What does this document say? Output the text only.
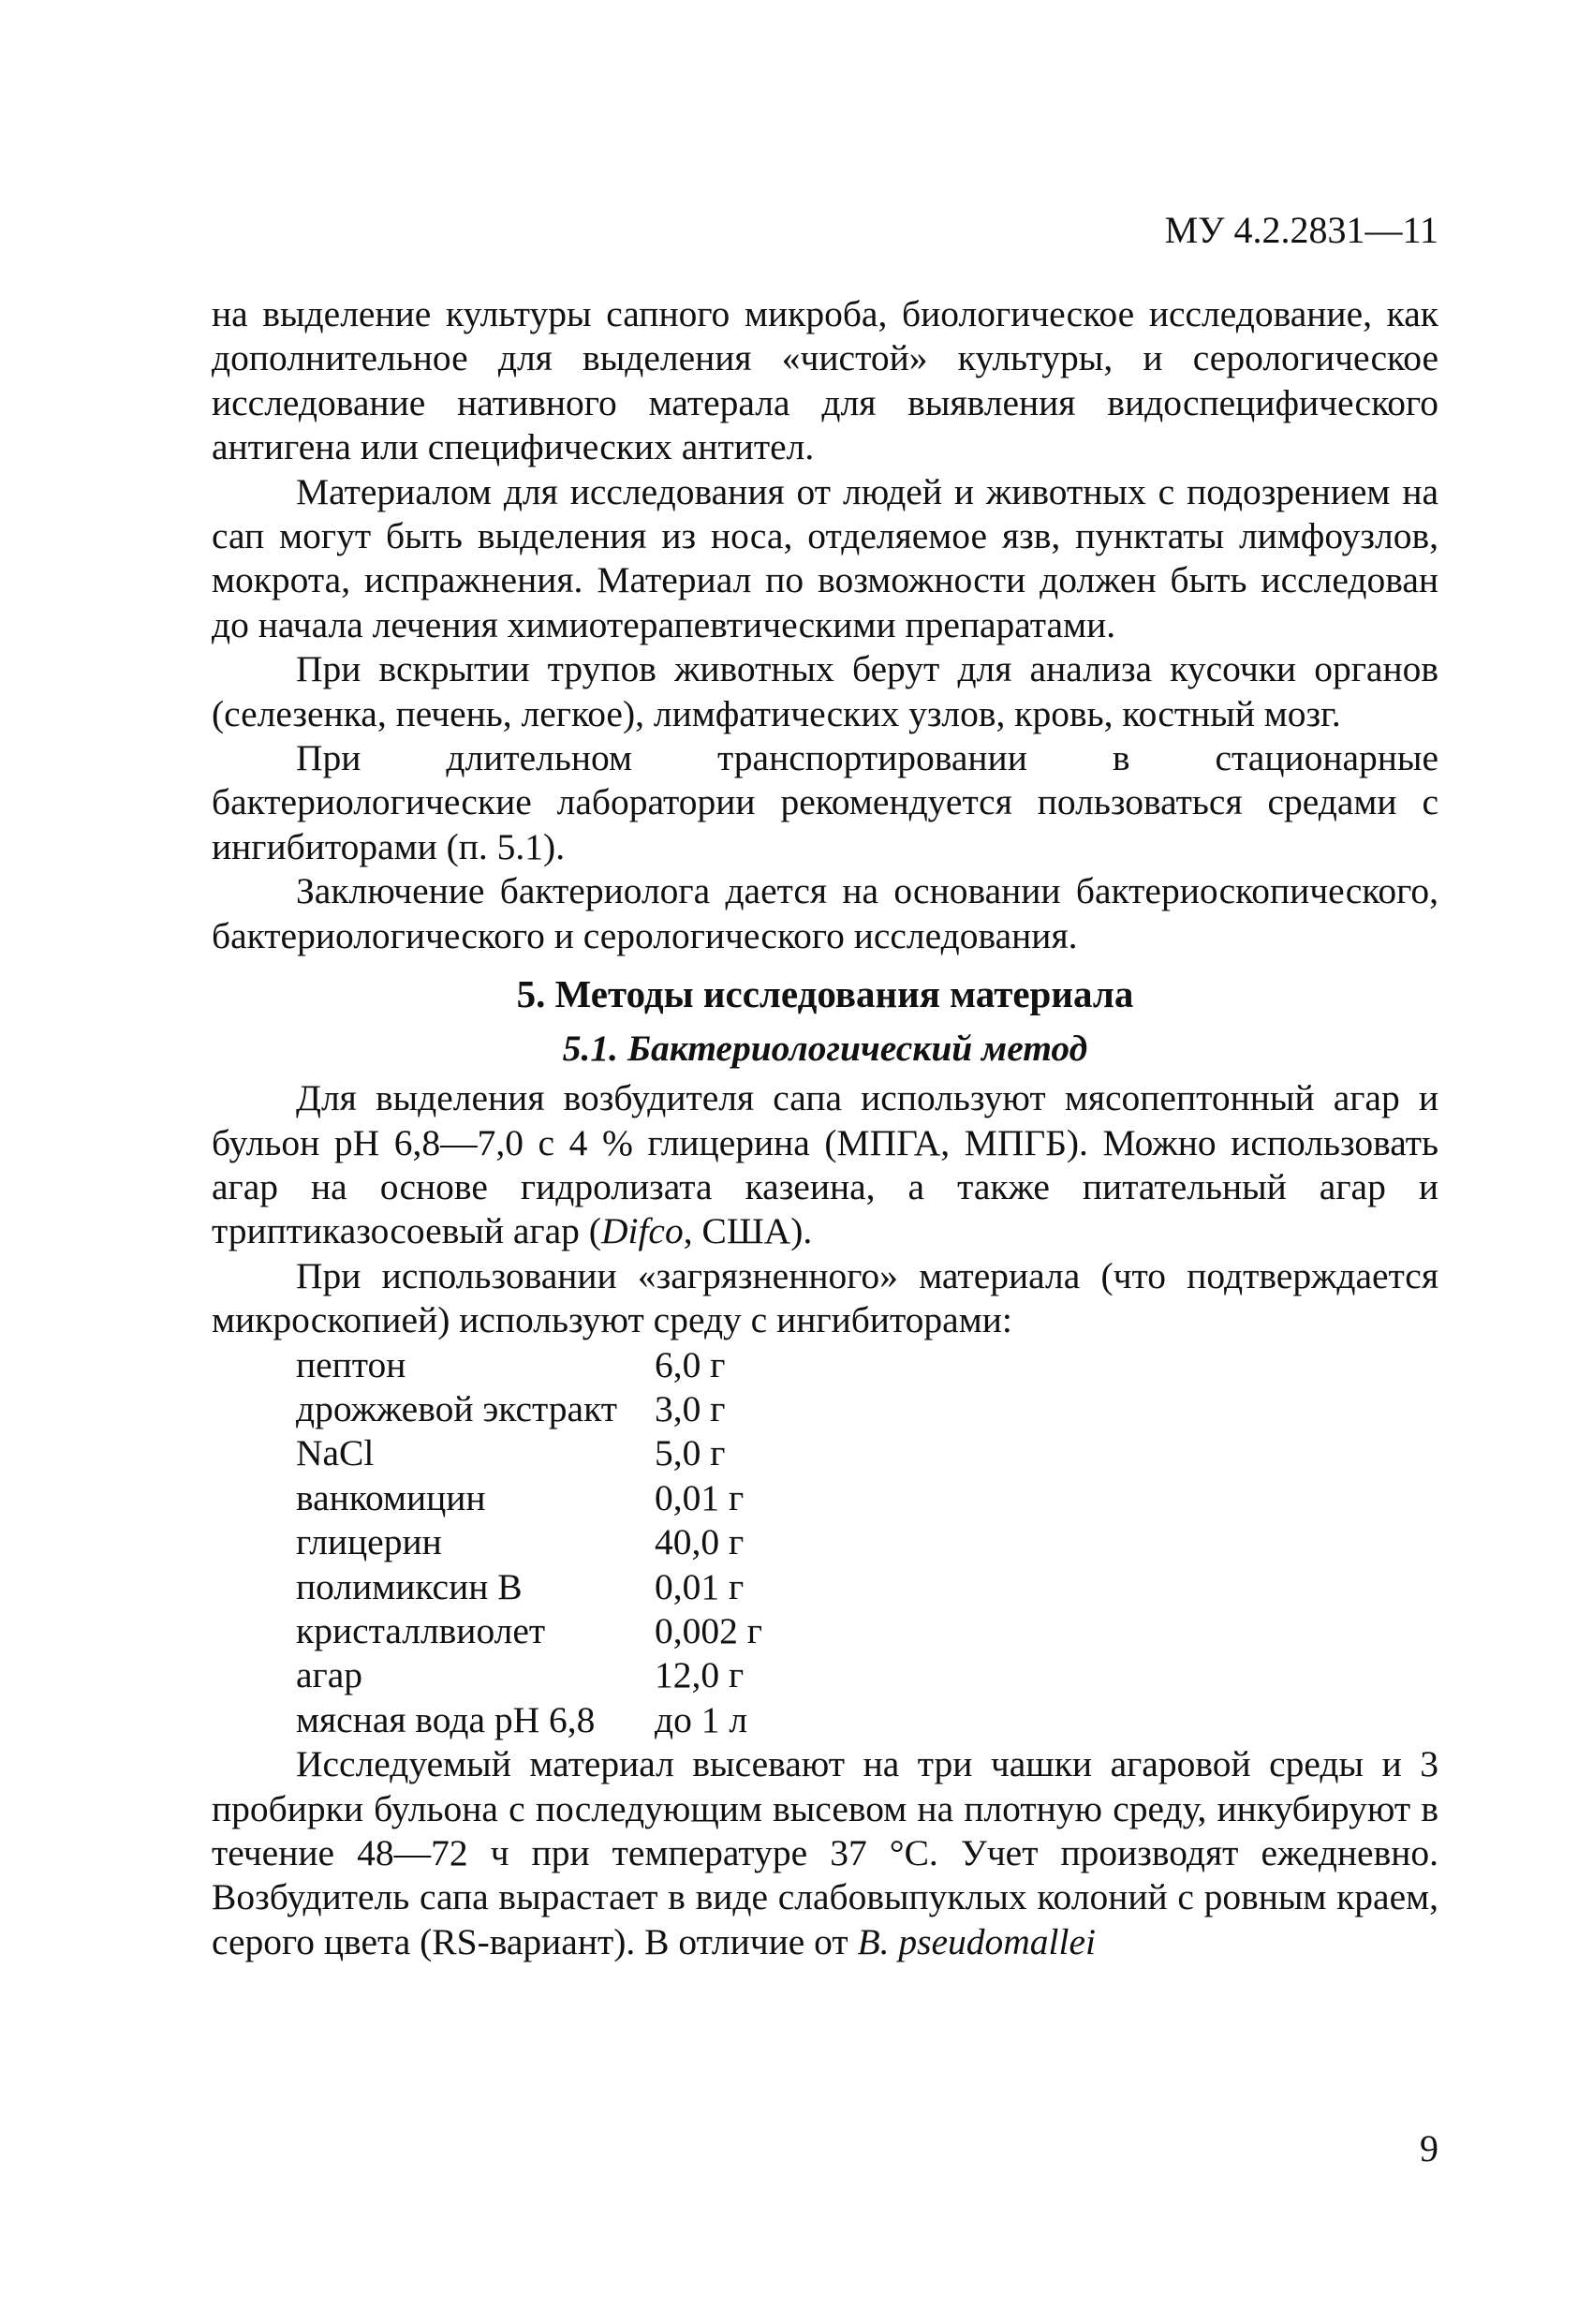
МУ 4.2.2831—11

на выделение культуры сапного микроба, биологическое исследование, как дополнительное для выделения «чистой» культуры, и серологическое исследование нативного матерала для выявления видоспецифического антигена или специфических антител.

Материалом для исследования от людей и животных с подозрением на сап могут быть выделения из носа, отделяемое язв, пунктаты лимфоузлов, мокрота, испражнения. Материал по возможности должен быть исследован до начала лечения химиотерапевтическими препаратами.

При вскрытии трупов животных берут для анализа кусочки органов (селезенка, печень, легкое), лимфатических узлов, кровь, костный мозг.

При длительном транспортировании в стационарные бактериологические лаборатории рекомендуется пользоваться средами с ингибиторами (п. 5.1).

Заключение бактериолога дается на основании бактериоскопического, бактериологического и серологического исследования.

5. Методы исследования материала
5.1. Бактериологический метод

Для выделения возбудителя сапа используют мясопептонный агар и бульон рН 6,8—7,0 с 4 % глицерина (МПГА, МПГБ). Можно использовать агар на основе гидролизата казеина, а также питательный агар и триптиказосоевый агар (Difco, США).

При использовании «загрязненного» материала (что подтверждается микроскопией) используют среду с ингибиторами:

пептон	6,0 г
дрожжевой экстракт	3,0 г
NaCl	5,0 г
ванкомицин	0,01 г
глицерин	40,0 г
полимиксин В	0,01 г
кристаллвиолет	0,002 г
агар	12,0 г
мясная вода рН 6,8	до 1 л

Исследуемый материал высевают на три чашки агаровой среды и 3 пробирки бульона с последующим высевом на плотную среду, инкубируют в течение 48—72 ч при температуре 37 °С. Учет производят ежедневно. Возбудитель сапа вырастает в виде слабовыпуклых колоний с ровным краем, серого цвета (RS-вариант). В отличие от B. pseudomallei

9
